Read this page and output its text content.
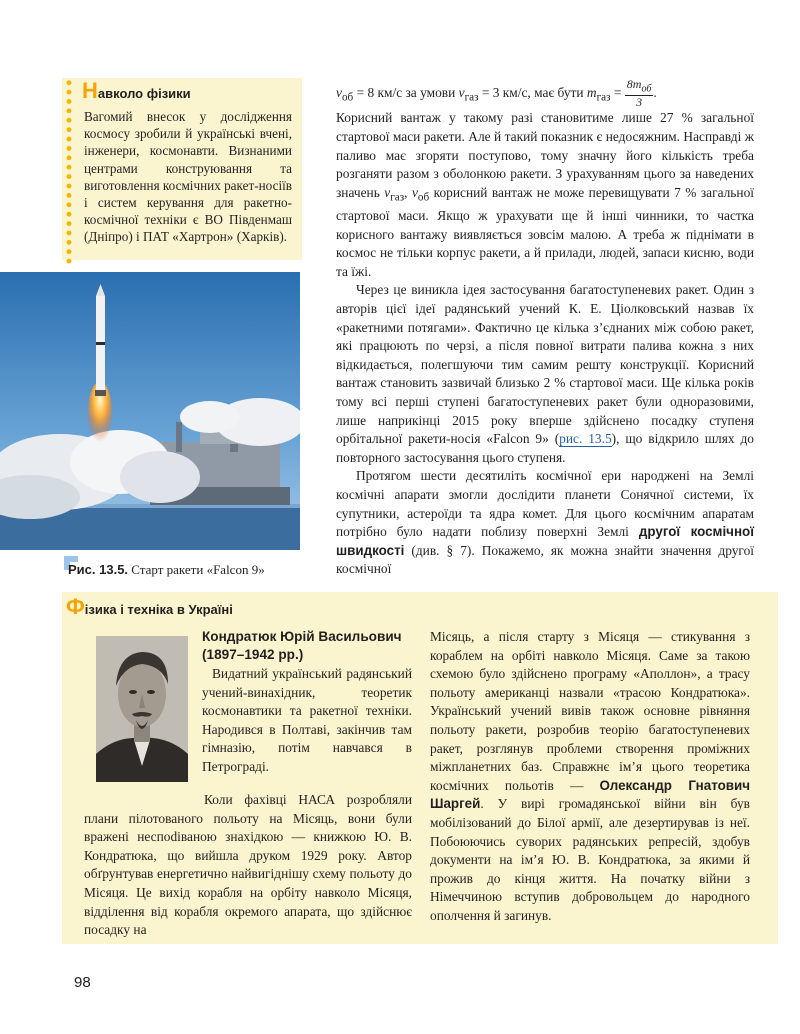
Навколо фізики

Вагомий внесок у дослідження космосу зробили й українські вчені, інженери, космонавти. Визнаними центрами конструювання та виготовлення космічних ракет-носіїв і систем керування для ракетно-космічної техніки є ВО Південмаш (Дніпро) і ПАТ «Хартрон» (Харків).

Рис. 13.5. Старт ракети «Falcon 9»

$v_{об} = 8$ км/с за умови $v_{газ} = 3$ км/с, має бути $m_{газ} = \frac{8m_{об}}{3}$ .

Корисний вантаж у такому разі становитиме лише 27 % загальної стартової маси ракети. Але й такий показник є недосяжним. Насправді ж паливо має згоряти поступово, тому значну його кількість треба розганяти разом з оболонкою ракети. З урахуванням цього за наведених значень $v_{газ}$, $v_{об}$ корисний вантаж не може перевищувати 7 % загальної стартової маси. Якщо ж урахувати ще й інші чинники, то частка корисного вантажу виявляється зовсім малою. А треба ж піднімати в космос не тільки корпус ракети, а й прилади, людей, запаси кисню, води та їжі.

Через це виникла ідея застосування багатоступеневих ракет. Один з авторів цієї ідеї радянський учений К. Е. Ціолковський назвав їх «ракетними потягами». Фактично це кілька з’єднаних між собою ракет, які працюють по черзі, а після повної витрати палива кожна з них відкидається, полегшуючи тим самим решту конструкції. Корисний вантаж становить зазвичай близько 2 % стартової маси. Ще кілька років тому всі перші ступені багатоступеневих ракет були одноразовими, лише наприкінці 2015 року вперше здійснено посадку ступеня орбітальної ракети-носія «Falcon 9» (рис. 13.5), що відкрило шлях до повторного застосування цього ступеня.

Протягом шести десятиліть космічної ери народжені на Землі космічні апарати змогли дослідити планети Сонячної системи, їх супутники, астероїди та ядра комет. Для цього космічним апаратам потрібно було надати поблизу поверхні Землі другої космічної швидкості (див. § 7). Покажемо, як можна знайти значення другої космічної

Фізика і техніка в Україні

Кондратюк Юрій Васильович (1897–1942 рр.)

Видатний український радянський учений-винахідник, теоретик космонавтики та ракетної техніки. Народився в Полтаві, закінчив там гімназію, потім навчався в Петрограді.

Коли фахівці НАСА розробляли плани пілотованого польоту на Місяць, вони були вражені неспodіваною знахідкою — книжкою Ю. В. Кондратюка, що вийшла друком 1929 року. Автор обґрунтував енергетично найвигіднішу схему польоту до Місяця. Це вихід корабля на орбіту навколо Місяця, відділення від корабля окремого апарата, що здійснює посадку на

Місяць, а після старту з Місяця — стикування з кораблем на орбіті навколо Місяця. Саме за такою схемою було здійснено програму «Аполлон», а трасу польоту американці назвали «трасою Кондратюка». Український учений вивів також основне рівняння польоту ракети, розробив теорію багатоступеневих ракет, розглянув проблеми створення проміжних міжпланетних баз. Справжнє ім’я цього теоретика космічних польотів — Олександр Гнатович Шаргей. У вирі громадянської війни він був мобілізований до Білої армії, але дезертирував із неї. Побоюючись суворих радянських репресій, здобув документи на ім’я Ю. В. Кондратюка, за якими й прожив до кінця життя. На початку війни з Німеччиною вступив добровольцем до народного ополчення й загинув.

98
